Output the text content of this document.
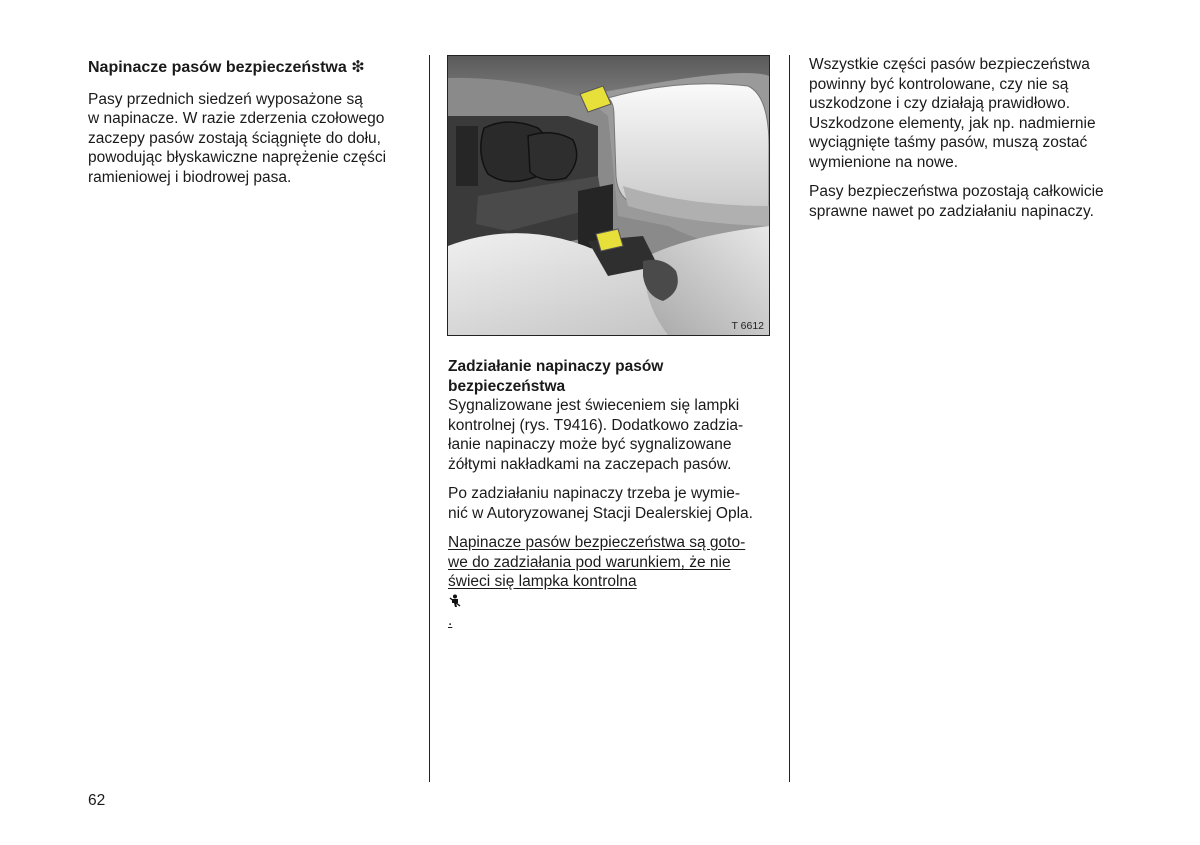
Napinacze pasów bezpieczeństwa ❇

Pasy przednich siedzeń wyposażone są
w napinacze. W razie zderzenia czołowego
zaczepy pasów zostają ściągnięte do dołu,
powodując błyskawiczne naprężenie części
ramieniowej i biodrowej pasa.

T 6612
Zadziałanie napinaczy pasów
bezpieczeństwa

Sygnalizowane jest świeceniem się lampki
kontrolnej (rys. T9416). Dodatkowo zadzia-
łanie napinaczy może być sygnalizowane
żółtymi nakładkami na zaczepach pasów.

Po zadziałaniu napinaczy trzeba je wymie-
nić w Autoryzowanej Stacji Dealerskiej Opla.

Napinacze pasów bezpieczeństwa są goto-
we do zadziałania pod warunkiem, że nie
świeci się lampka kontrolna
.

Wszystkie części pasów bezpieczeństwa
powinny być kontrolowane, czy nie są
uszkodzone i czy działają prawidłowo.
Uszkodzone elementy, jak np. nadmiernie
wyciągnięte taśmy pasów, muszą zostać
wymienione na nowe.

Pasy bezpieczeństwa pozostają całkowicie
sprawne nawet po zadziałaniu napinaczy.

62
